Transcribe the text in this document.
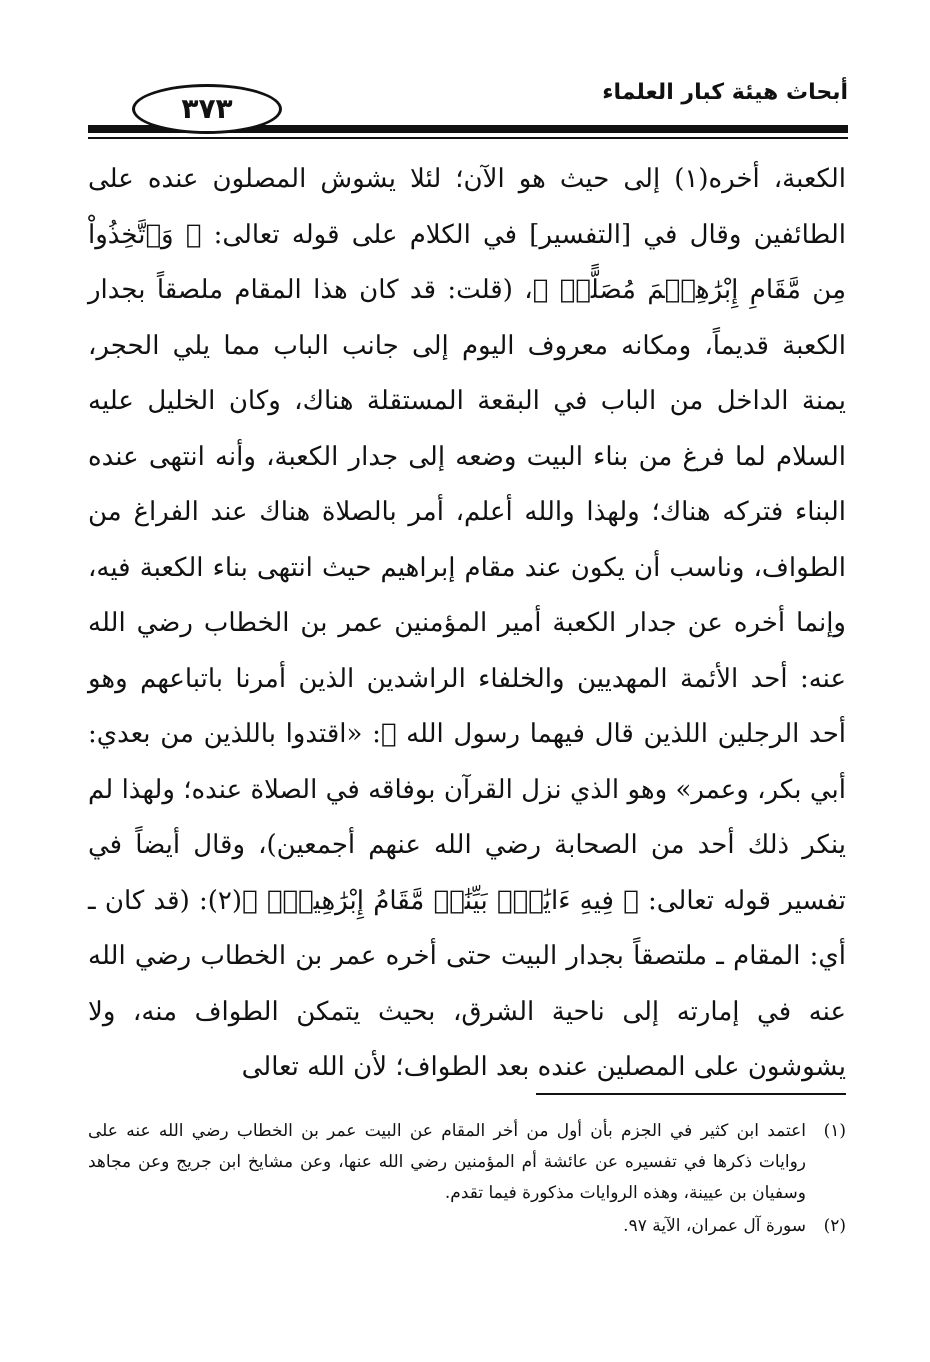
أبحاث هيئة كبار العلماء
٣٧٣

الكعبة، أخره(١) إلى حيث هو الآن؛ لئلا يشوش المصلون عنده على الطائفين وقال في [التفسير] في الكلام على قوله تعالى: ﴿ وَٱتَّخِذُواْ مِن مَّقَامِ إِبْرَٰهِـۧمَ مُصَلًّىۖ ﴾، (قلت: قد كان هذا المقام ملصقاً بجدار الكعبة قديماً، ومكانه معروف اليوم إلى جانب الباب مما يلي الحجر، يمنة الداخل من الباب في البقعة المستقلة هناك، وكان الخليل عليه السلام لما فرغ من بناء البيت وضعه إلى جدار الكعبة، وأنه انتهى عنده البناء فتركه هناك؛ ولهذا والله أعلم، أمر بالصلاة هناك عند الفراغ من الطواف، وناسب أن يكون عند مقام إبراهيم حيث انتهى بناء الكعبة فيه، وإنما أخره عن جدار الكعبة أمير المؤمنين عمر بن الخطاب رضي الله عنه: أحد الأئمة المهديين والخلفاء الراشدين الذين أمرنا باتباعهم وهو أحد الرجلين اللذين قال فيهما رسول الله ﷺ: «اقتدوا باللذين من بعدي: أبي بكر، وعمر» وهو الذي نزل القرآن بوفاقه في الصلاة عنده؛ ولهذا لم ينكر ذلك أحد من الصحابة رضي الله عنهم أجمعين)، وقال أيضاً في تفسير قوله تعالى: ﴿ فِيهِ ءَايَٰتُۢ بَيِّنَٰتٞ مَّقَامُ إِبْرَٰهِيمَۖ ﴾(٢): (قد كان ـ أي: المقام ـ ملتصقاً بجدار البيت حتى أخره عمر بن الخطاب رضي الله عنه في إمارته إلى ناحية الشرق، بحيث يتمكن الطواف منه، ولا يشوشون على المصلين عنده بعد الطواف؛ لأن الله تعالى

(١)
اعتمد ابن كثير في الجزم بأن أول من أخر المقام عن البيت عمر بن الخطاب رضي الله عنه على روايات ذكرها في تفسيره عن عائشة أم المؤمنين رضي الله عنها، وعن مشايخ ابن جريج وعن مجاهد وسفيان بن عيينة، وهذه الروايات مذكورة فيما تقدم.
(٢)
سورة آل عمران، الآية ٩٧.
